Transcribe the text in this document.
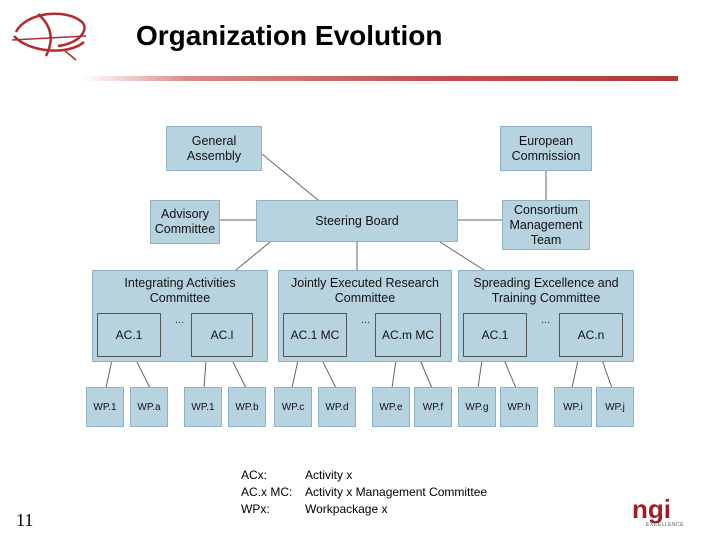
Organization Evolution
General Assembly
European Commission
Advisory Committee
Steering Board
Consortium Management Team
Integrating Activities Committee
AC.1
...
AC.l
Jointly Executed Research Committee
AC.1 MC
...
AC.m MC
Spreading Excellence and Training Committee
AC.1
...
AC.n
WP.1	WP.a	WP.1	WP.b	WP.c	WP.d	WP.e	WP.f	WP.g	WP.h	WP.i	WP.j
ACx:	Activity x
AC.x MC:	Activity x Management Committee
WPx:	Workpackage x
11	ngi
EXCELLENCE
